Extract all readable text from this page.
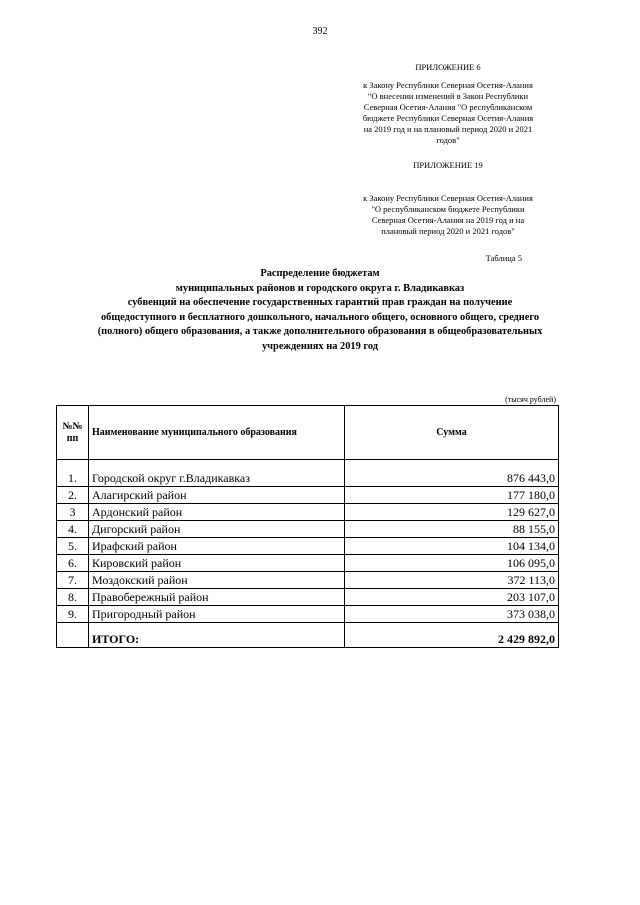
392
ПРИЛОЖЕНИЕ 6
к Закону Республики Северная Осетия-Алания
"О внесении изменений в Закон Республики
Северная Осетия-Алания "О республиканском
бюджете Республики Северная Осетия-Алания
на 2019 год и на плановый период 2020 и 2021
годов"
ПРИЛОЖЕНИЕ 19
к Закону Республики Северная Осетия-Алания
"О республиканском бюджете Республики
Северная Осетия-Алания на 2019 год и на
плановый период 2020 и 2021 годов"
Таблица 5
Распределение бюджетам
муниципальных районов и городского округа г. Владикавказ
субвенций на обеспечение государственных гарантий прав граждан на получение
общедоступного и бесплатного дошкольного, начального общего, основного общего, среднего
(полного) общего образования, а также дополнительного образования в общеобразовательных
учреждениях на 2019 год
(тысяч рублей)
№№
пп	Наименование муниципального образования	Сумма
1.	Городской округ г.Владикавказ	876 443,0
2.	Алагирский район	177 180,0
3	Ардонский район	129 627,0
4.	Дигорский район	88 155,0
5.	Ирафский район	104 134,0
6.	Кировский район	106 095,0
7.	Моздокский район	372 113,0
8.	Правобережный район	203 107,0
9.	Пригородный район	373 038,0
	ИТОГО:	2 429 892,0
